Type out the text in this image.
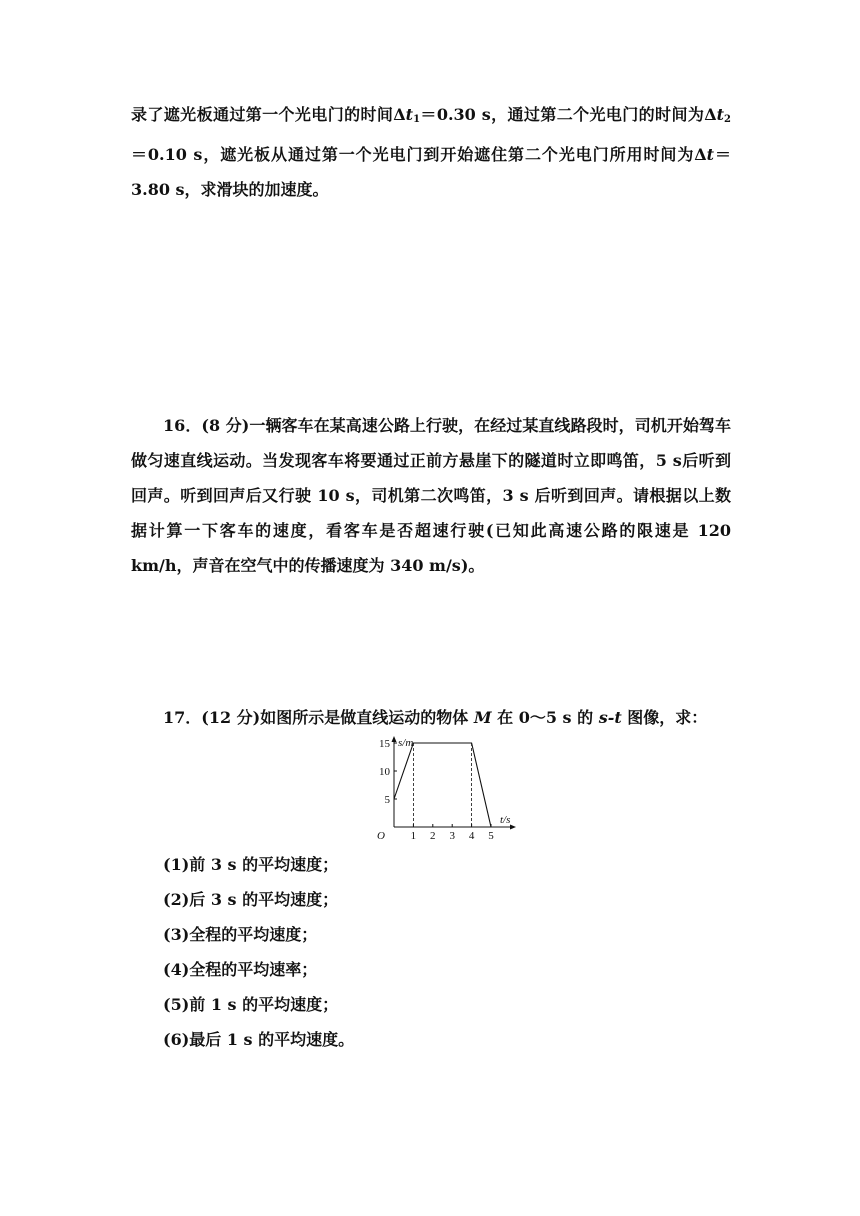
录了遮光板通过第一个光电门的时间$\Delta t_1=0.30$ s，通过第二个光电门的时间为$\Delta t_2=0.10$ s，遮光板从通过第一个光电门到开始遮住第二个光电门所用时间为Δt＝3.80 s，求滑块的加速度。

16．(8 分)一辆客车在某高速公路上行驶，在经过某直线路段时，司机开始驾车做匀速直线运动。当发现客车将要通过正前方悬崖下的隧道时立即鸣笛，5 s后听到回声。听到回声后又行驶 10 s，司机第二次鸣笛，3 s 后听到回声。请根据以上数据计算一下客车的速度，看客车是否超速行驶(已知此高速公路的限速是 120 km/h，声音在空气中的传播速度为 340 m/s)。

17．(12 分)如图所示是做直线运动的物体 M 在 0～5 s 的 s-t 图像，求：

5
10
15
1 2 3 4 5
O
s/m
t/s
(1)前 3 s 的平均速度；
(2)后 3 s 的平均速度；
(3)全程的平均速度；
(4)全程的平均速率；
(5)前 1 s 的平均速度；
(6)最后 1 s 的平均速度。
